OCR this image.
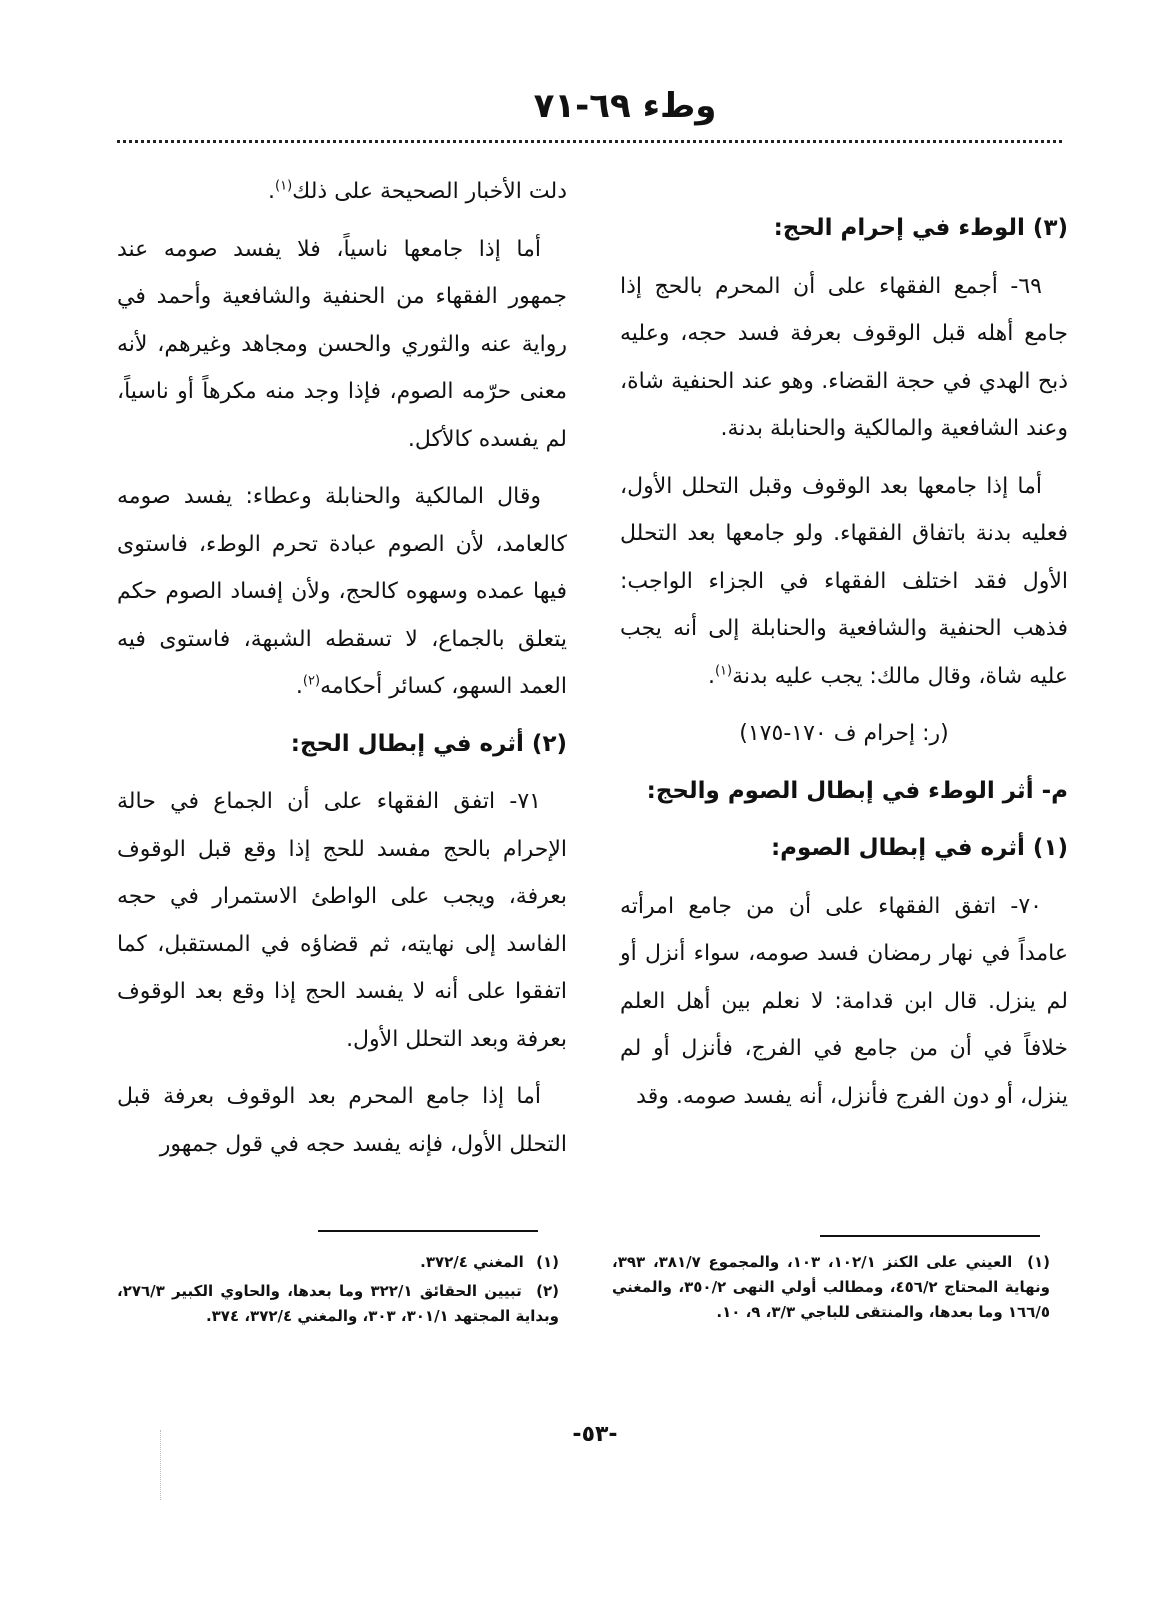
وطء ٦٩-٧١

(٣) الوطء في إحرام الحج:

٦٩- أجمع الفقهاء على أن المحرم بالحج إذا جامع أهله قبل الوقوف بعرفة فسد حجه، وعليه ذبح الهدي في حجة القضاء. وهو عند الحنفية شاة، وعند الشافعية والمالكية والحنابلة بدنة.

أما إذا جامعها بعد الوقوف وقبل التحلل الأول، فعليه بدنة باتفاق الفقهاء. ولو جامعها بعد التحلل الأول فقد اختلف الفقهاء في الجزاء الواجب: فذهب الحنفية والشافعية والحنابلة إلى أنه يجب عليه شاة، وقال مالك: يجب عليه بدنة$^{(١)}$.

(ر: إحرام ف ١٧٠-١٧٥)

م- أثر الوطء في إبطال الصوم والحج:

(١) أثره في إبطال الصوم:

٧٠- اتفق الفقهاء على أن من جامع امرأته عامداً في نهار رمضان فسد صومه، سواء أنزل أو لم ينزل. قال ابن قدامة: لا نعلم بين أهل العلم خلافاً في أن من جامع في الفرج، فأنزل أو لم ينزل، أو دون الفرج فأنزل، أنه يفسد صومه. وقد

دلت الأخبار الصحيحة على ذلك$^{(١)}$.

أما إذا جامعها ناسياً، فلا يفسد صومه عند جمهور الفقهاء من الحنفية والشافعية وأحمد في رواية عنه والثوري والحسن ومجاهد وغيرهم، لأنه معنى حرّمه الصوم، فإذا وجد منه مكرهاً أو ناسياً، لم يفسده كالأكل.

وقال المالكية والحنابلة وعطاء: يفسد صومه كالعامد، لأن الصوم عبادة تحرم الوطء، فاستوى فيها عمده وسهوه كالحج، ولأن إفساد الصوم حكم يتعلق بالجماع، لا تسقطه الشبهة، فاستوى فيه العمد السهو، كسائر أحكامه$^{(٢)}$.

(٢) أثره في إبطال الحج:

٧١- اتفق الفقهاء على أن الجماع في حالة الإحرام بالحج مفسد للحج إذا وقع قبل الوقوف بعرفة، ويجب على الواطئ الاستمرار في حجه الفاسد إلى نهايته، ثم قضاؤه في المستقبل، كما اتفقوا على أنه لا يفسد الحج إذا وقع بعد الوقوف بعرفة وبعد التحلل الأول.

أما إذا جامع المحرم بعد الوقوف بعرفة قبل التحلل الأول، فإنه يفسد حجه في قول جمهور

(١) العيني على الكنز ١٠٢/١، ١٠٣، والمجموع ٣٨١/٧، ٣٩٣، ونهاية المحتاج ٤٥٦/٢، ومطالب أولي النهى ٣٥٠/٢، والمغني ١٦٦/٥ وما بعدها، والمنتقى للباجي ٣/٣، ٩، ١٠.

(١) المغني ٣٧٢/٤.

(٢) تبيين الحقائق ٣٢٢/١ وما بعدها، والحاوي الكبير ٢٧٦/٣، وبداية المجتهد ٣٠١/١، ٣٠٣، والمغني ٣٧٢/٤، ٣٧٤.

-٥٣-
